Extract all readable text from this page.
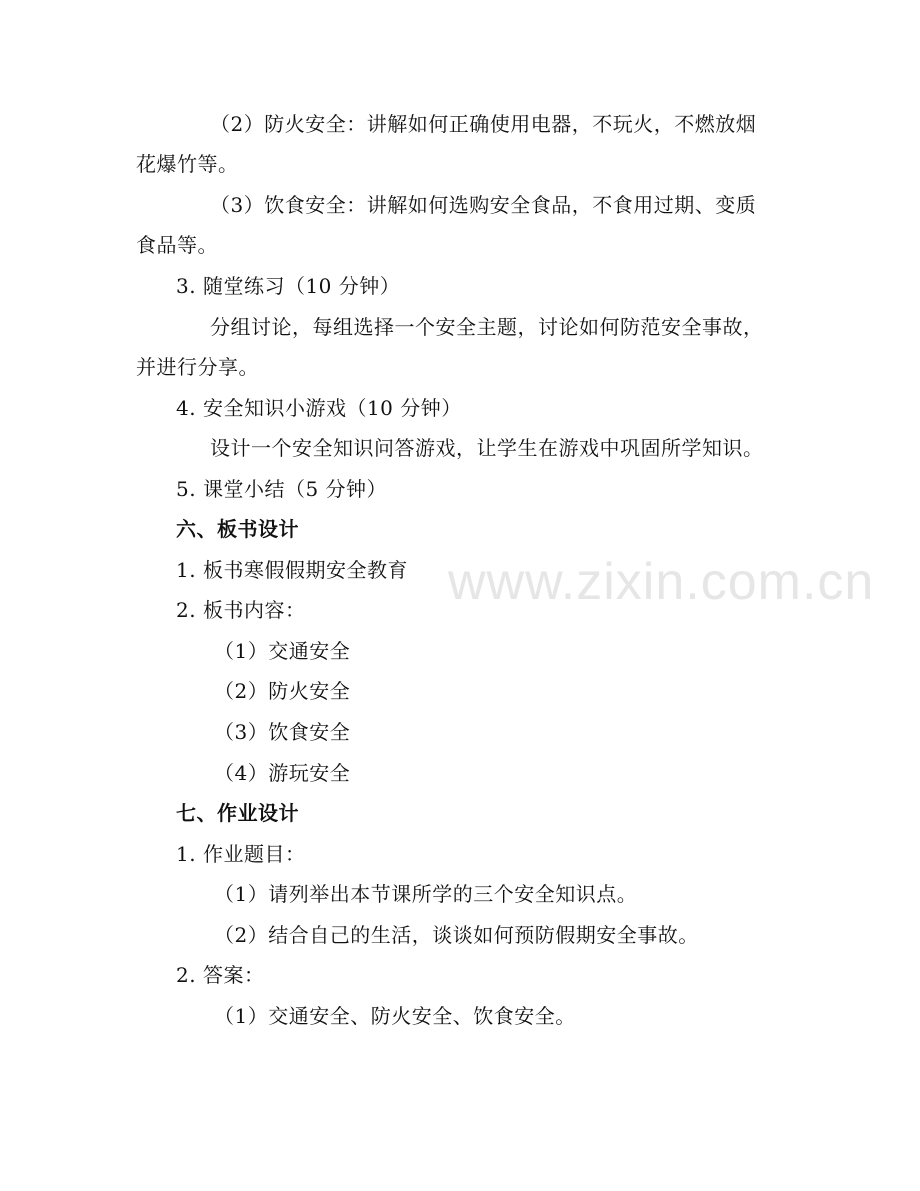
www.zixin.com.cn
（2）防火安全：讲解如何正确使用电器，不玩火，不燃放烟
花爆竹等。
（3）饮食安全：讲解如何选购安全食品，不食用过期、变质
食品等。
3. 随堂练习（10 分钟）
分组讨论，每组选择一个安全主题，讨论如何防范安全事故，
并进行分享。
4. 安全知识小游戏（10 分钟）
设计一个安全知识问答游戏，让学生在游戏中巩固所学知识。
5. 课堂小结（5 分钟）
六、板书设计
1. 板书寒假假期安全教育
2. 板书内容：
（1）交通安全
（2）防火安全
（3）饮食安全
（4）游玩安全
七、作业设计
1. 作业题目：
（1）请列举出本节课所学的三个安全知识点。
（2）结合自己的生活，谈谈如何预防假期安全事故。
2. 答案：
（1）交通安全、防火安全、饮食安全。
